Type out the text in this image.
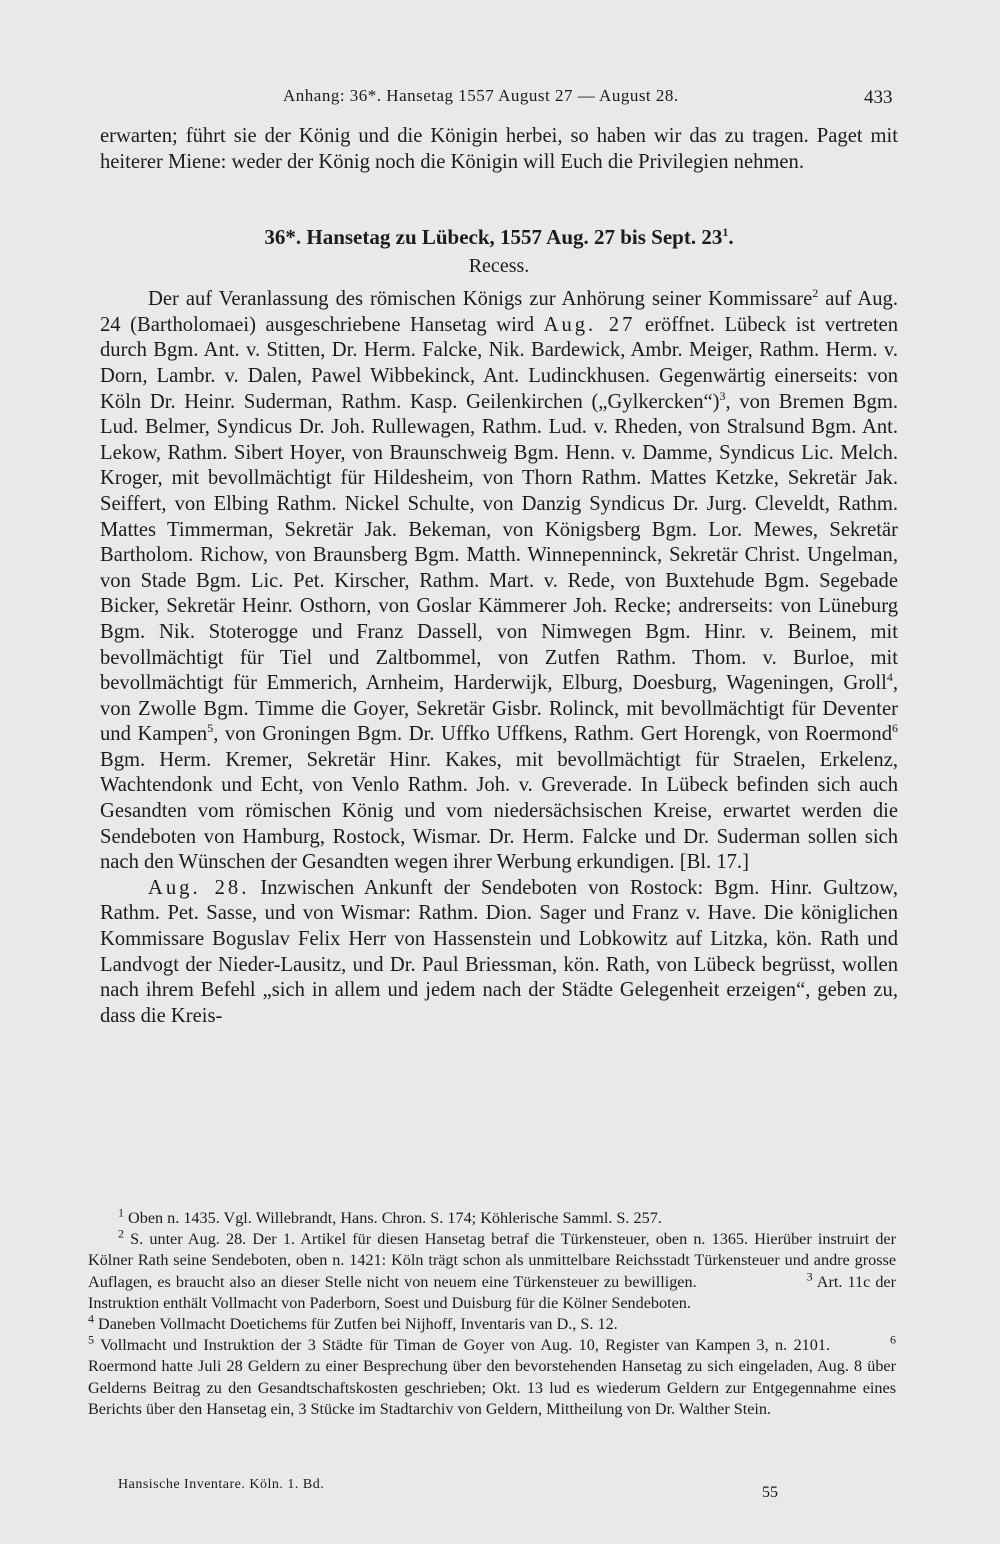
Anhang: 36*. Hansetag 1557 August 27 — August 28.	433

erwarten; führt sie der König und die Königin herbei, so haben wir das zu tragen. Paget mit heiterer Miene: weder der König noch die Königin will Euch die Privilegien nehmen.

36*. Hansetag zu Lübeck, 1557 Aug. 27 bis Sept. $23^1$.
Recess.

Der auf Veranlassung des römischen Königs zur Anhörung seiner Kommissare$^2$ auf Aug. 24 (Bartholomaei) ausgeschriebene Hansetag wird Aug. 27 eröffnet. Lübeck ist vertreten durch Bgm. Ant. v. Stitten, Dr. Herm. Falcke, Nik. Bardewick, Ambr. Meiger, Rathm. Herm. v. Dorn, Lambr. v. Dalen, Pawel Wibbekinck, Ant. Ludinckhusen. Gegenwärtig einerseits: von Köln Dr. Heinr. Suderman, Rathm. Kasp. Geilenkirchen („Gylkercken“)$^3$, von Bremen Bgm. Lud. Belmer, Syndicus Dr. Joh. Rullewagen, Rathm. Lud. v. Rheden, von Stralsund Bgm. Ant. Lekow, Rathm. Sibert Hoyer, von Braunschweig Bgm. Henn. v. Damme, Syndicus Lic. Melch. Kroger, mit bevollmächtigt für Hildesheim, von Thorn Rathm. Mattes Ketzke, Sekretär Jak. Seiffert, von Elbing Rathm. Nickel Schulte, von Danzig Syndicus Dr. Jurg. Cleveldt, Rathm. Mattes Timmerman, Sekretär Jak. Bekeman, von Königsberg Bgm. Lor. Mewes, Sekretär Bartholom. Richow, von Braunsberg Bgm. Matth. Winnepenninck, Sekretär Christ. Ungelman, von Stade Bgm. Lic. Pet. Kirscher, Rathm. Mart. v. Rede, von Buxtehude Bgm. Segebade Bicker, Sekretär Heinr. Osthorn, von Goslar Kämmerer Joh. Recke; andrerseits: von Lüneburg Bgm. Nik. Stoterogge und Franz Dassell, von Nimwegen Bgm. Hinr. v. Beinem, mit bevollmächtigt für Tiel und Zaltbommel, von Zutfen Rathm. Thom. v. Burloe, mit bevollmächtigt für Emmerich, Arnheim, Harderwijk, Elburg, Doesburg, Wageningen, Groll$^4$, von Zwolle Bgm. Timme die Goyer, Sekretär Gisbr. Rolinck, mit bevollmächtigt für Deventer und Kampen$^5$, von Groningen Bgm. Dr. Uffko Uffkens, Rathm. Gert Horengk, von Roermond$^6$ Bgm. Herm. Kremer, Sekretär Hinr. Kakes, mit bevollmächtigt für Straelen, Erkelenz, Wachtendonk und Echt, von Venlo Rathm. Joh. v. Greverade. In Lübeck befinden sich auch Gesandten vom römischen König und vom niedersächsischen Kreise, erwartet werden die Sendeboten von Hamburg, Rostock, Wismar. Dr. Herm. Falcke und Dr. Suderman sollen sich nach den Wünschen der Gesandten wegen ihrer Werbung erkundigen. [Bl. 17.]

Aug. 28. Inzwischen Ankunft der Sendeboten von Rostock: Bgm. Hinr. Gultzow, Rathm. Pet. Sasse, und von Wismar: Rathm. Dion. Sager und Franz v. Have. Die königlichen Kommissare Boguslav Felix Herr von Hassenstein und Lobkowitz auf Litzka, kön. Rath und Landvogt der Nieder-Lausitz, und Dr. Paul Briessman, kön. Rath, von Lübeck begrüsst, wollen nach ihrem Befehl „sich in allem und jedem nach der Städte Gelegenheit erzeigen“, geben zu, dass die Kreis-

$^1$ Oben n. 1435. Vgl. Willebrandt, Hans. Chron. S. 174; Köhlerische Samml. S. 257.

$^2$ S. unter Aug. 28. Der 1. Artikel für diesen Hansetag betraf die Türkensteuer, oben n. 1365. Hierüber instruirt der Kölner Rath seine Sendeboten, oben n. 1421: Köln trägt schon als unmittelbare Reichsstadt Türkensteuer und andre grosse Auflagen, es braucht also an dieser Stelle nicht von neuem eine Türkensteuer zu bewilligen.	$^3$ Art. 11c der Instruktion enthält Vollmacht von Paderborn, Soest und Duisburg für die Kölner Sendeboten.

$^4$ Daneben Vollmacht Doetichems für Zutfen bei Nijhoff, Inventaris van D., S. 12.

$^5$ Vollmacht und Instruktion der 3 Städte für Timan de Goyer von Aug. 10, Register van Kampen 3, n. 2101.	$^6$ Roermond hatte Juli 28 Geldern zu einer Besprechung über den bevorstehenden Hansetag zu sich eingeladen, Aug. 8 über Gelderns Beitrag zu den Gesandtschaftskosten geschrieben; Okt. 13 lud es wiederum Geldern zur Entgegennahme eines Berichts über den Hansetag ein, 3 Stücke im Stadtarchiv von Geldern, Mittheilung von Dr. Walther Stein.

Hansische Inventare. Köln. 1. Bd.	55
